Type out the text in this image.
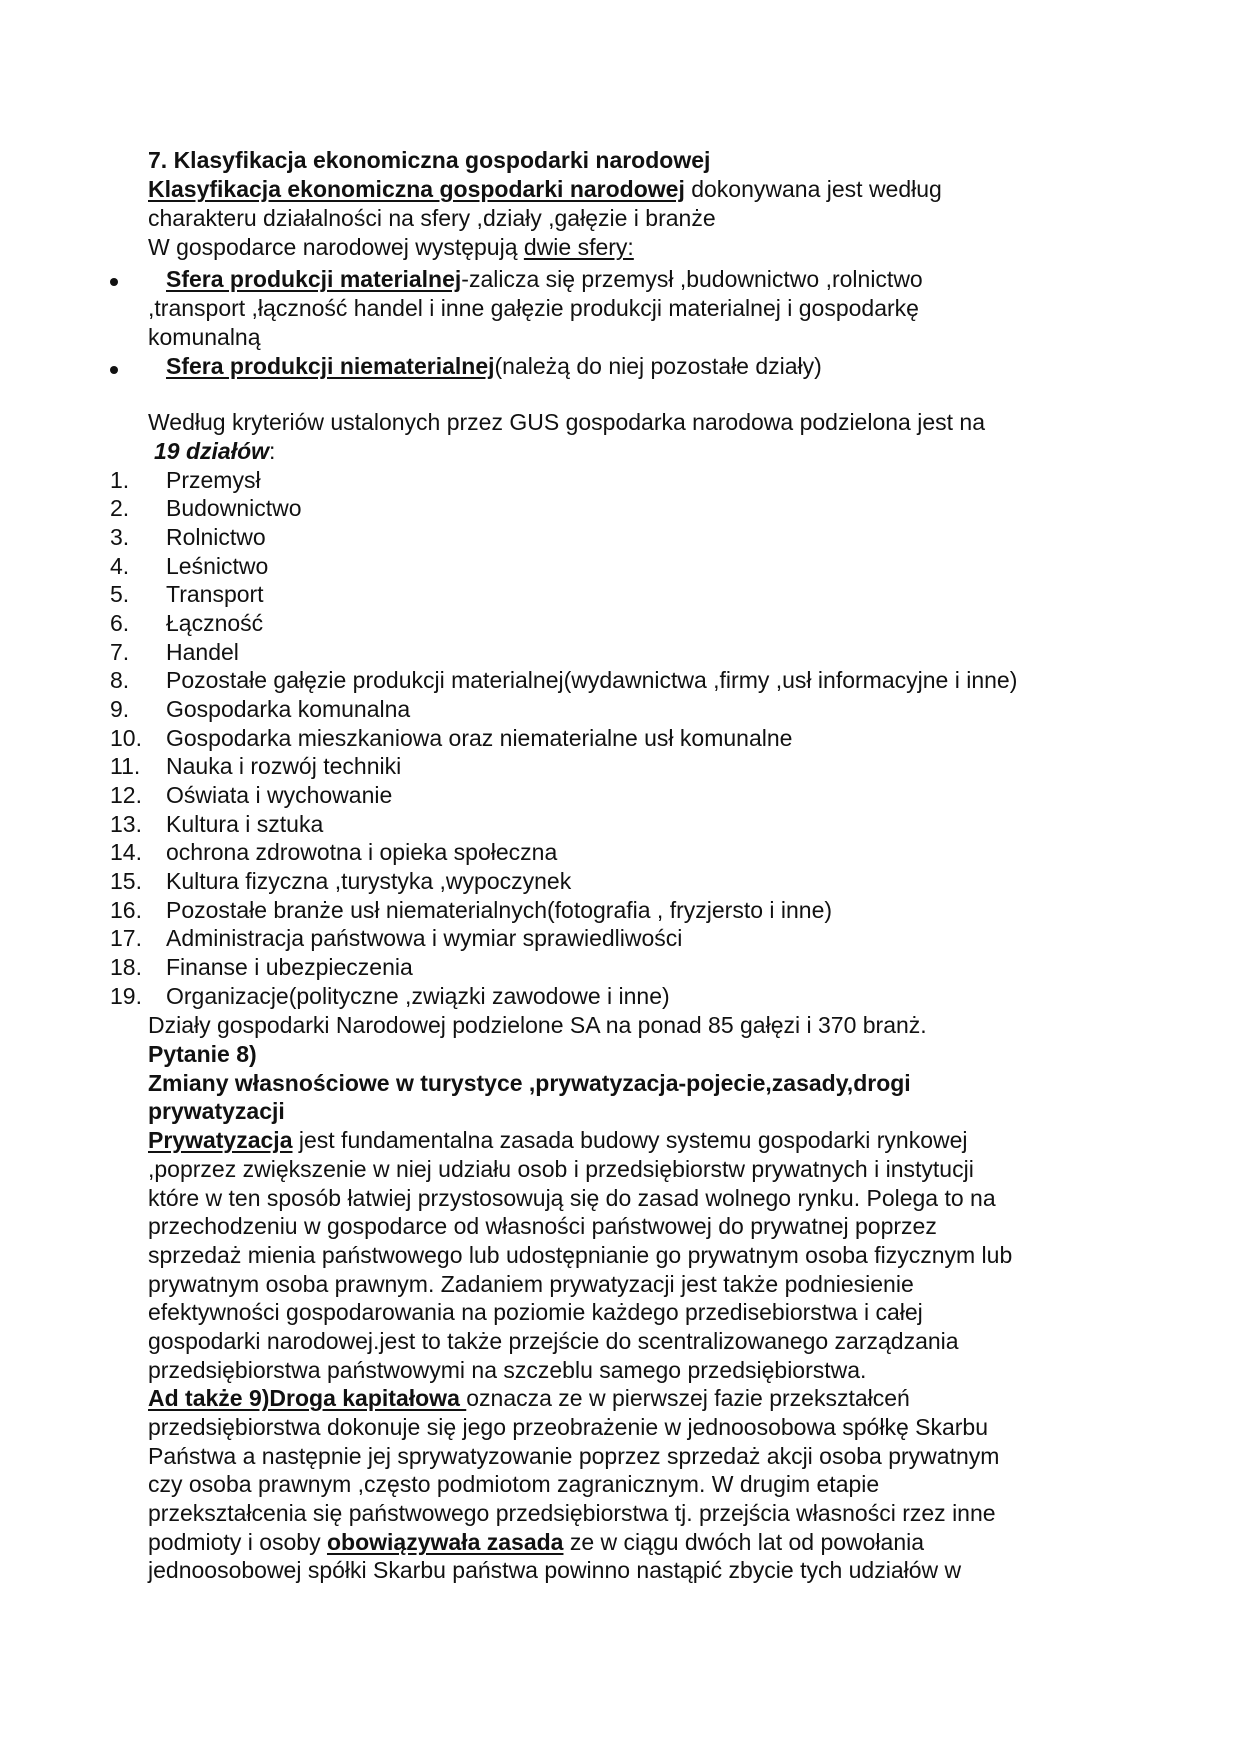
7. Klasyfikacja ekonomiczna gospodarki narodowej
Klasyfikacja ekonomiczna gospodarki narodowej dokonywana jest według
charakteru działalności na sfery ,działy ,gałęzie i branże
W gospodarce narodowej występują dwie sfery:
Sfera produkcji materialnej-zalicza się przemysł ,budownictwo ,rolnictwo
,transport ,łączność handel i inne gałęzie produkcji materialnej i gospodarkę
komunalną
Sfera produkcji niematerialnej(należą do niej pozostałe działy)
Według kryteriów ustalonych przez GUS gospodarka narodowa podzielona jest na
19 działów:
1. Przemysł
2. Budownictwo
3. Rolnictwo
4. Leśnictwo
5. Transport
6. Łączność
7. Handel
8. Pozostałe gałęzie produkcji materialnej(wydawnictwa ,firmy ,usł informacyjne i inne)
9. Gospodarka komunalna
10. Gospodarka mieszkaniowa oraz niematerialne usł komunalne
11. Nauka i rozwój techniki
12. Oświata i wychowanie
13. Kultura i sztuka
14. ochrona zdrowotna i opieka społeczna
15. Kultura fizyczna ,turystyka ,wypoczynek
16. Pozostałe branże usł niematerialnych(fotografia , fryzjersto i inne)
17. Administracja państwowa i wymiar sprawiedliwości
18. Finanse i ubezpieczenia
19. Organizacje(polityczne ,związki zawodowe i inne)
Działy gospodarki Narodowej podzielone SA na ponad 85 gałęzi i 370 branż.
Pytanie 8)
Zmiany własnościowe w turystyce ,prywatyzacja-pojecie,zasady,drogi
prywatyzacji
Prywatyzacja jest fundamentalna zasada budowy systemu gospodarki rynkowej
,poprzez zwiększenie w niej udziału osob i przedsiębiorstw prywatnych i instytucji
które w ten sposób łatwiej przystosowują się do zasad wolnego rynku. Polega to na
przechodzeniu w gospodarce od własności państwowej do prywatnej poprzez
sprzedaż mienia państwowego lub udostępnianie go prywatnym osoba fizycznym lub
prywatnym osoba prawnym. Zadaniem prywatyzacji jest także podniesienie
efektywności gospodarowania na poziomie każdego przedisebiorstwa i całej
gospodarki narodowej.jest to także przejście do scentralizowanego zarządzania
przedsiębiorstwa państwowymi na szczeblu samego przedsiębiorstwa.
Ad także 9)Droga kapitałowa oznacza ze w pierwszej fazie przekształceń
przedsiębiorstwa dokonuje się jego przeobrażenie w jednoosobowa spółkę Skarbu
Państwa a następnie jej sprywatyzowanie poprzez sprzedaż akcji osoba prywatnym
czy osoba prawnym ,często podmiotom zagranicznym. W drugim etapie
przekształcenia się państwowego przedsiębiorstwa tj. przejścia własności rzez inne
podmioty i osoby obowiązywała zasada ze w ciągu dwóch lat od powołania
jednoosobowej spółki Skarbu państwa powinno nastąpić zbycie tych udziałów w
